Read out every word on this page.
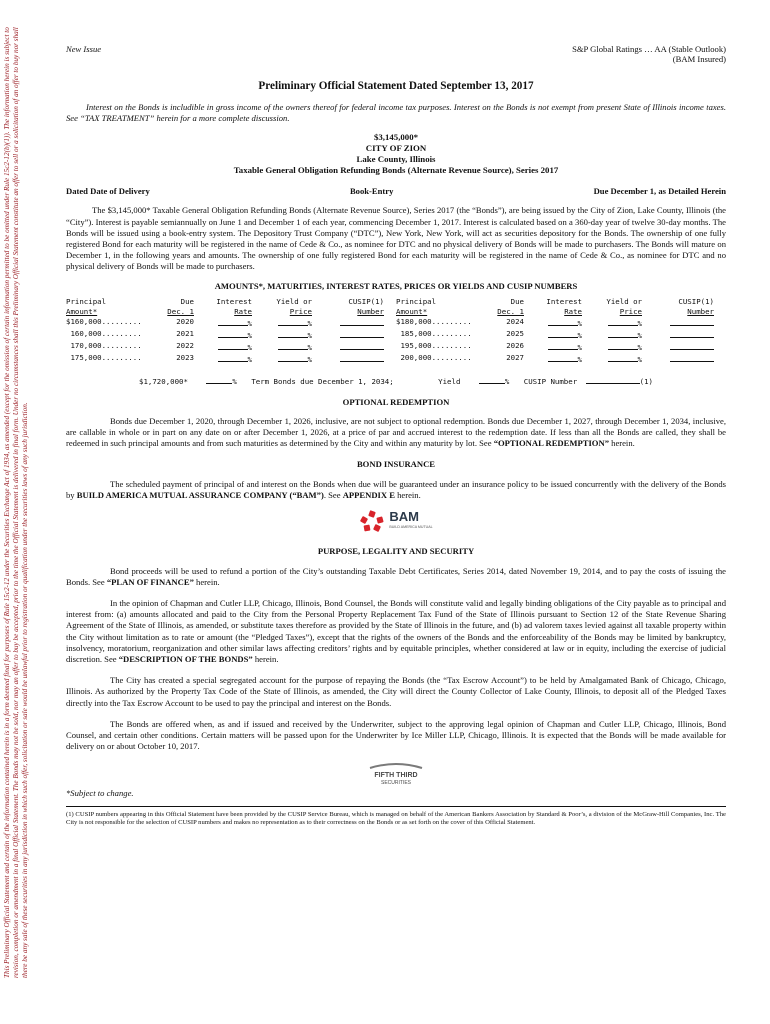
This Preliminary Official Statement and certain of the information contained herein is in a form deemed final for purposes of Rule 15c2-12 under the Securities Exchange Act of 1934, as amended (except for the omission of certain information permitted to be omitted under Rule 15c2-12(b)(1)). The information herein is subject to revision, completion or amendment in a final Official Statement. The Bonds may not be sold, nor may an offer to buy be accepted, prior to the time the Official Statement is delivered in final form. Under no circumstances shall this Preliminary Official Statement constitute an offer to sell or a solicitation of an offer to buy nor shall there be any sale of these securities in any jurisdiction in which such offer, solicitation or sale would be unlawful prior to registration or qualification under the securities laws of any such jurisdiction.
New Issue	S&P Global Ratings … AA (Stable Outlook)
(BAM Insured)
Preliminary Official Statement Dated September 13, 2017

Interest on the Bonds is includible in gross income of the owners thereof for federal income tax purposes. Interest on the Bonds is not exempt from present State of Illinois income taxes. See “TAX TREATMENT” herein for a more complete discussion.

$3,145,000*
CITY OF ZION
Lake County, Illinois
Taxable General Obligation Refunding Bonds (Alternate Revenue Source), Series 2017
Dated Date of Delivery	Book-Entry	Due December 1, as Detailed Herein

The $3,145,000* Taxable General Obligation Refunding Bonds (Alternate Revenue Source), Series 2017 (the “Bonds”), are being issued by the City of Zion, Lake County, Illinois (the “City”). Interest is payable semiannually on June 1 and December 1 of each year, commencing December 1, 2017. Interest is calculated based on a 360-day year of twelve 30-day months. The Bonds will be issued using a book-entry system. The Depository Trust Company (“DTC”), New York, New York, will act as securities depository for the Bonds. The ownership of one fully registered Bond for each maturity will be registered in the name of Cede & Co., as nominee for DTC and no physical delivery of Bonds will be made to purchasers. The Bonds will mature on December 1, in the following years and amounts. The ownership of one fully registered Bond for each maturity will be registered in the name of Cede & Co., as nominee for DTC and no physical delivery of Bonds will be made to purchasers.

AMOUNTS*, MATURITIES, INTEREST RATES, PRICES OR YIELDS AND CUSIP NUMBERS
Principal	Due	Interest	Yield or	CUSIP(1)
Amount*	Dec. 1	Rate	Price	Number
$160,000.........	2020	%	%
160,000.........	2021	%	%
170,000.........	2022	%	%
175,000.........	2023	%	%
Principal	Due	Interest	Yield or	CUSIP(1)
Amount*	Dec. 1	Rate	Price	Number
$180,000.........	2024	%	%
185,000.........	2025	%	%
195,000.........	2026	%	%
200,000.........	2027	%	%
$1,720,000*	% Term Bonds due December 1, 2034;	Yield	% CUSIP Number	(1)
OPTIONAL REDEMPTION

Bonds due December 1, 2020, through December 1, 2026, inclusive, are not subject to optional redemption. Bonds due December 1, 2027, through December 1, 2034, inclusive, are callable in whole or in part on any date on or after December 1, 2026, at a price of par and accrued interest to the redemption date. If less than all the Bonds are called, they shall be redeemed in such principal amounts and from such maturities as determined by the City and within any maturity by lot. See “OPTIONAL REDEMPTION” herein.

BOND INSURANCE

The scheduled payment of principal of and interest on the Bonds when due will be guaranteed under an insurance policy to be issued concurrently with the delivery of the Bonds by BUILD AMERICA MUTUAL ASSURANCE COMPANY (“BAM”). See APPENDIX E herein.

BAM
BUILD AMERICA MUTUAL
PURPOSE, LEGALITY AND SECURITY

Bond proceeds will be used to refund a portion of the City’s outstanding Taxable Debt Certificates, Series 2014, dated November 19, 2014, and to pay the costs of issuing the Bonds. See “PLAN OF FINANCE” herein.

In the opinion of Chapman and Cutler LLP, Chicago, Illinois, Bond Counsel, the Bonds will constitute valid and legally binding obligations of the City payable as to principal and interest from: (a) amounts allocated and paid to the City from the Personal Property Replacement Tax Fund of the State of Illinois pursuant to Section 12 of the State Revenue Sharing Agreement of the State of Illinois, as amended, or substitute taxes therefore as provided by the State of Illinois in the future, and (b) ad valorem taxes levied against all taxable property within the City without limitation as to rate or amount (the “Pledged Taxes”), except that the rights of the owners of the Bonds and the enforceability of the Bonds may be limited by bankruptcy, insolvency, moratorium, reorganization and other similar laws affecting creditors’ rights and by equitable principles, whether considered at law or in equity, including the exercise of judicial discretion. See “DESCRIPTION OF THE BONDS” herein.

The City has created a special segregated account for the purpose of repaying the Bonds (the “Tax Escrow Account”) to be held by Amalgamated Bank of Chicago, Chicago, Illinois. As authorized by the Property Tax Code of the State of Illinois, as amended, the City will direct the County Collector of Lake County, Illinois, to deposit all of the Pledged Taxes directly into the Tax Escrow Account to be used to pay the principal and interest on the Bonds.

The Bonds are offered when, as and if issued and received by the Underwriter, subject to the approving legal opinion of Chapman and Cutler LLP, Chicago, Illinois, Bond Counsel, and certain other conditions. Certain matters will be passed upon for the Underwriter by Ice Miller LLP, Chicago, Illinois. It is expected that the Bonds will be made available for delivery on or about October 10, 2017.

FIFTH THIRD
SECURITIES

*Subject to change.

(1) CUSIP numbers appearing in this Official Statement have been provided by the CUSIP Service Bureau, which is managed on behalf of the American Bankers Association by Standard & Poor’s, a division of the McGraw-Hill Companies, Inc. The City is not responsible for the selection of CUSIP numbers and makes no representation as to their correctness on the Bonds or as set forth on the cover of this Official Statement.
